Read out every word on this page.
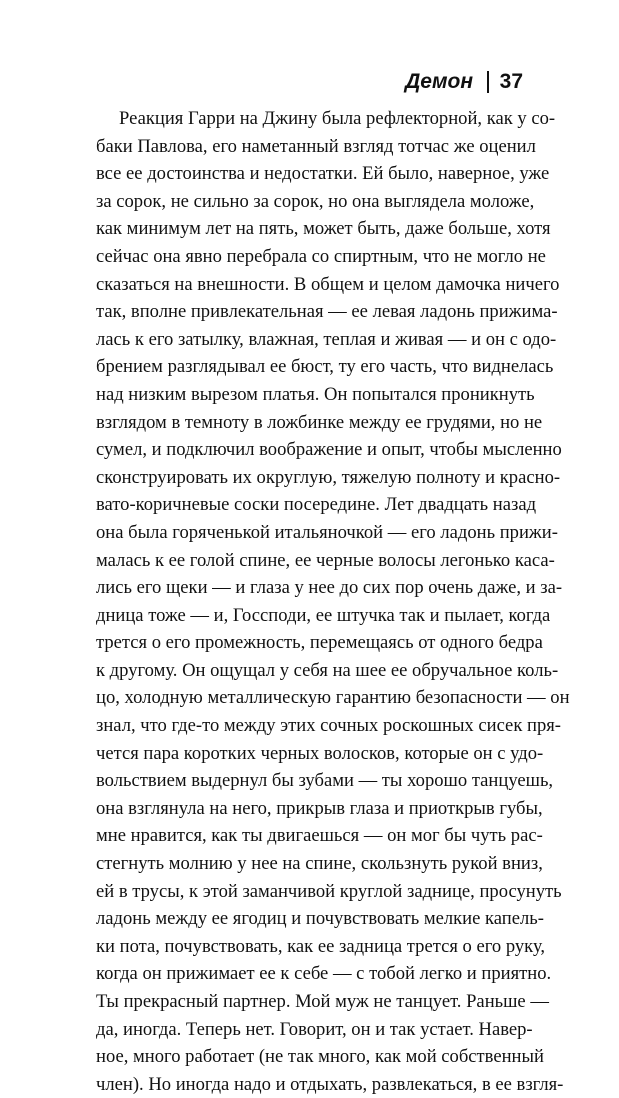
Демон 37
Реакция Гарри на Джину была рефлекторной, как у со-
баки Павлова, его наметанный взгляд тотчас же оценил
все ее достоинства и недостатки. Ей было, наверное, уже
за сорок, не сильно за сорок, но она выглядела моложе,
как минимум лет на пять, может быть, даже больше, хотя
сейчас она явно перебрала со спиртным, что не могло не
сказаться на внешности. В общем и целом дамочка ничего
так, вполне привлекательная — ее левая ладонь прижима-
лась к его затылку, влажная, теплая и живая — и он с одо-
брением разглядывал ее бюст, ту его часть, что виднелась
над низким вырезом платья. Он попытался проникнуть
взглядом в темноту в ложбинке между ее грудями, но не
сумел, и подключил воображение и опыт, чтобы мысленно
сконструировать их округлую, тяжелую полноту и красно-
вато-коричневые соски посередине. Лет двадцать назад
она была горяченькой итальяночкой — его ладонь прижи-
малась к ее голой спине, ее черные волосы легонько каса-
лись его щеки — и глаза у нее до сих пор очень даже, и за-
дница тоже — и, Госсподи, ее штучка так и пылает, когда
трется о его промежность, перемещаясь от одного бедра
к другому. Он ощущал у себя на шее ее обручальное коль-
цо, холодную металлическую гарантию безопасности — он
знал, что где-то между этих сочных роскошных сисек пря-
чется пара коротких черных волосков, которые он с удо-
вольствием выдернул бы зубами — ты хорошо танцуешь,
она взглянула на него, прикрыв глаза и приоткрыв губы,
мне нравится, как ты двигаешься — он мог бы чуть рас-
стегнуть молнию у нее на спине, скользнуть рукой вниз,
ей в трусы, к этой заманчивой круглой заднице, просунуть
ладонь между ее ягодиц и почувствовать мелкие капель-
ки пота, почувствовать, как ее задница трется о его руку,
когда он прижимает ее к себе — с тобой легко и приятно.
Ты прекрасный партнер. Мой муж не танцует. Раньше —
да, иногда. Теперь нет. Говорит, он и так устает. Навер-
ное, много работает (не так много, как мой собственный
член). Но иногда надо и отдыхать, развлекаться, в ее взгля-
